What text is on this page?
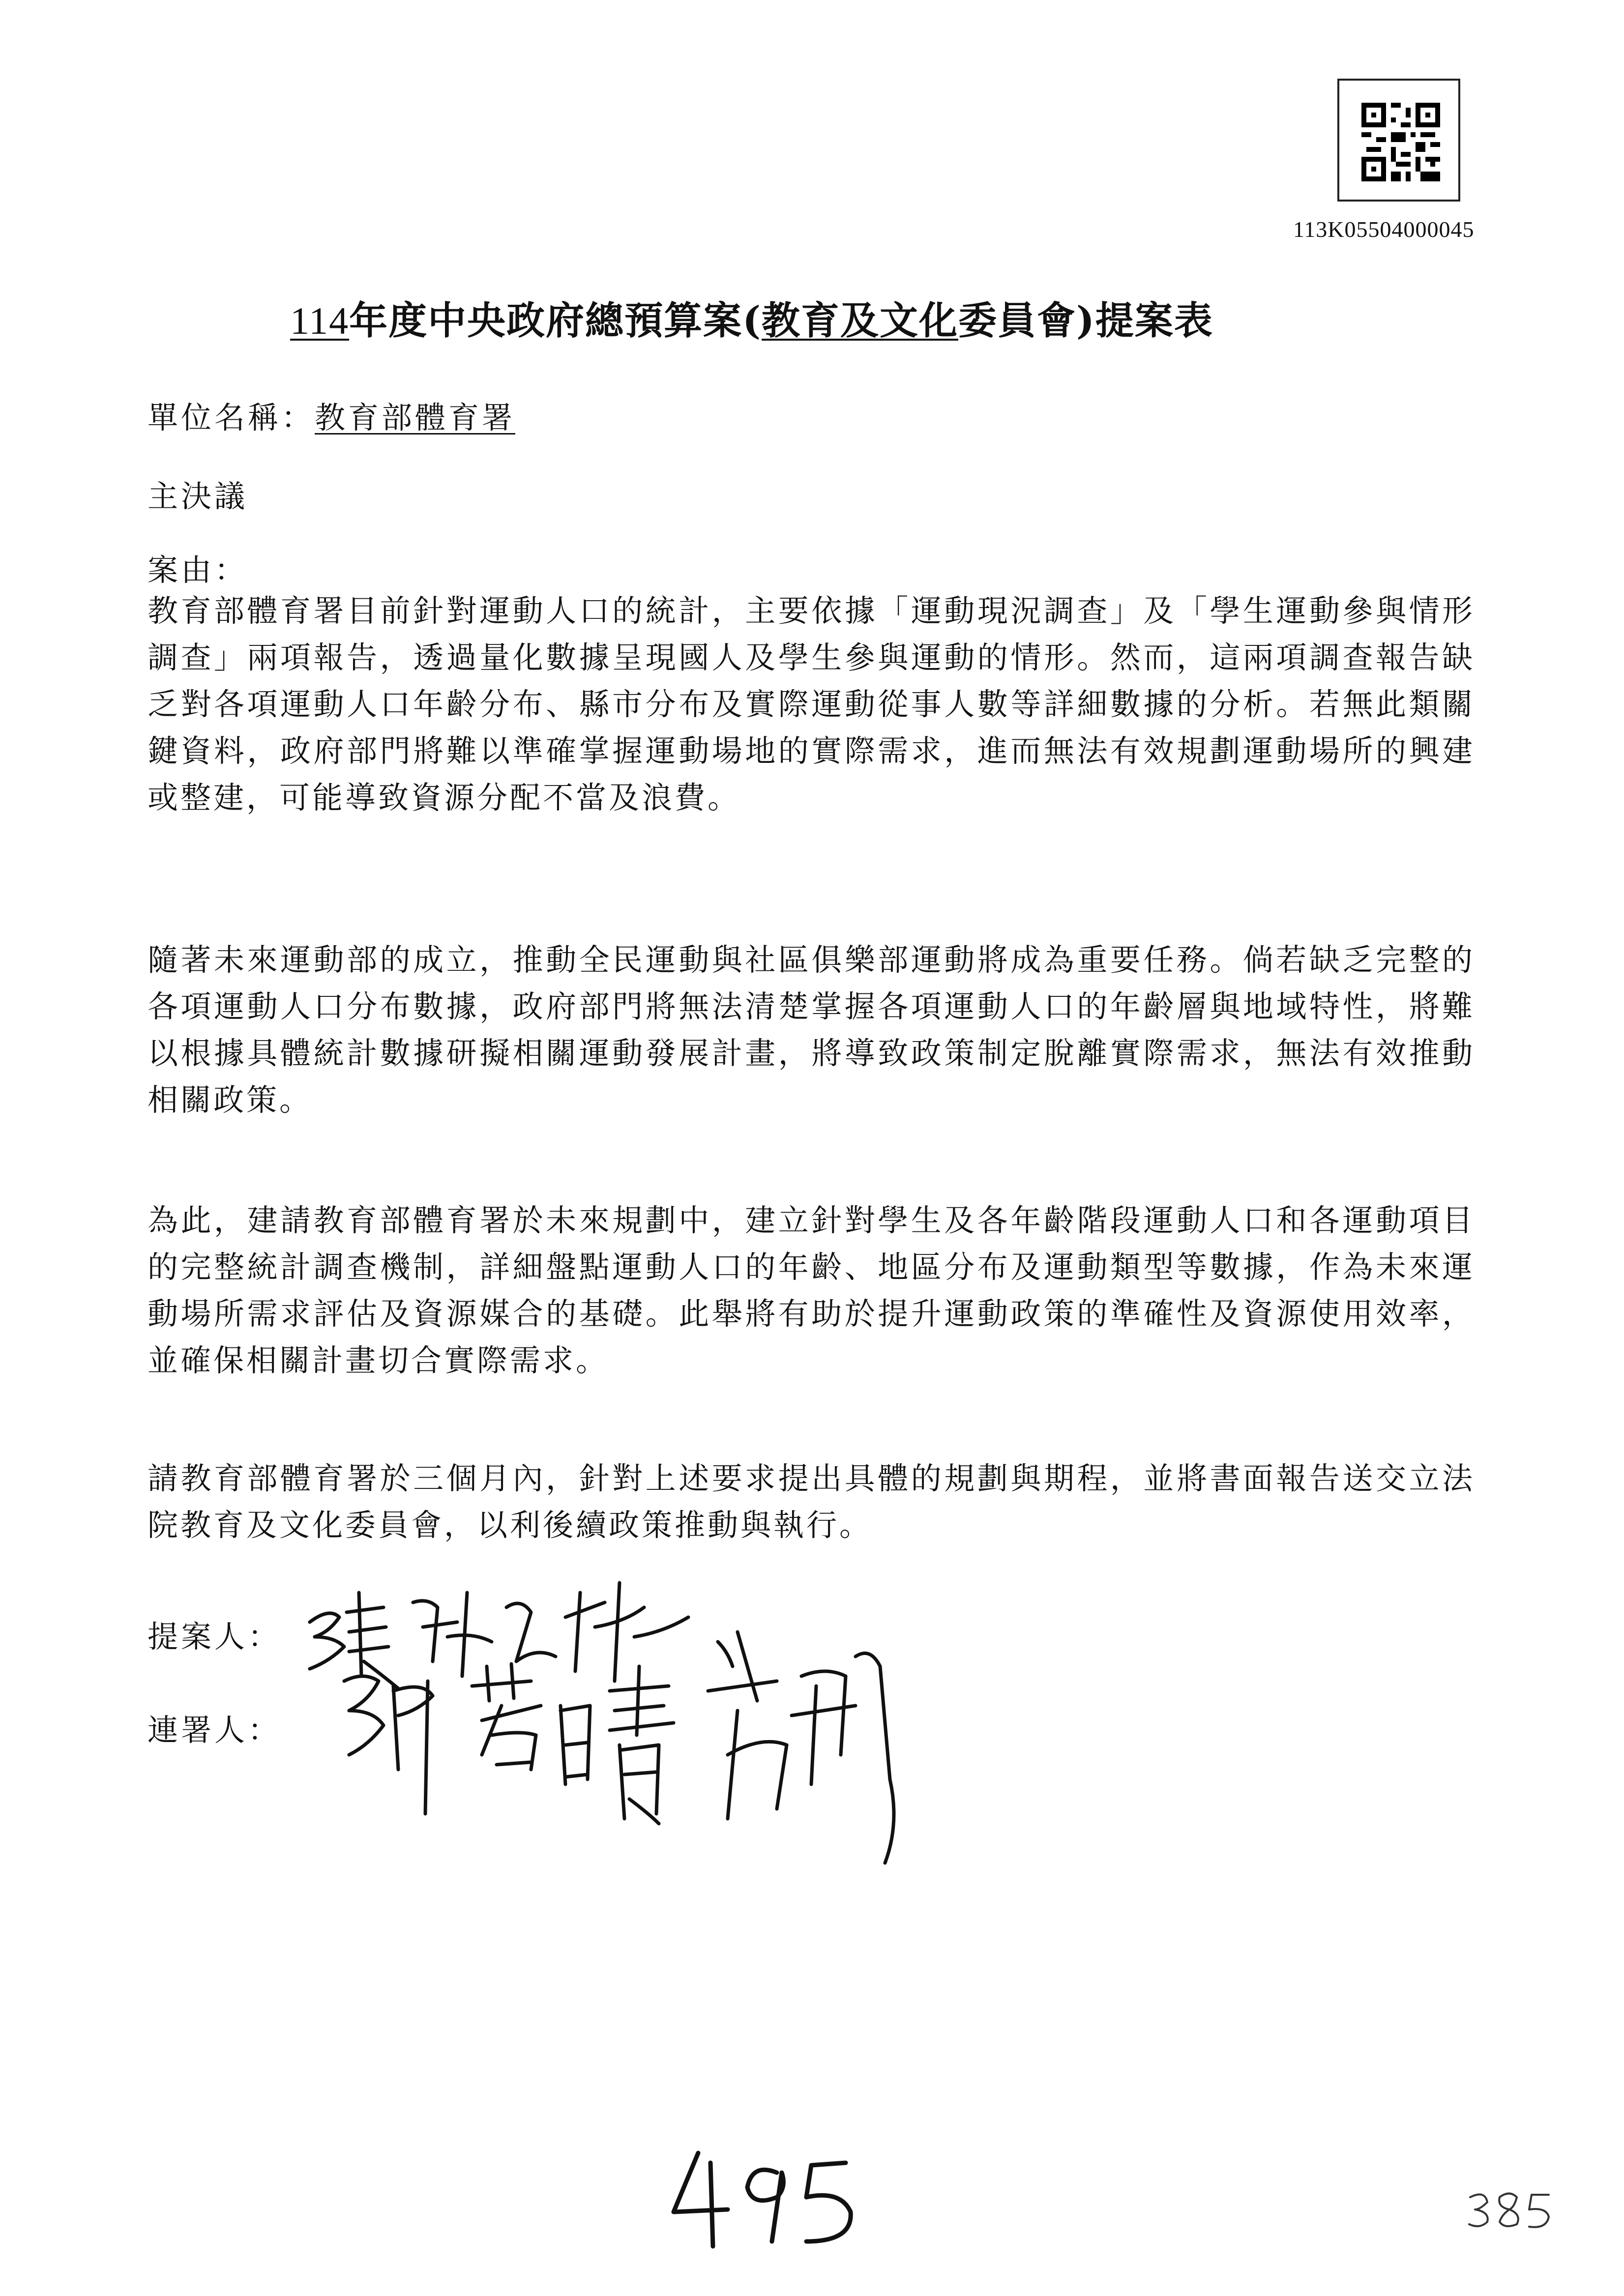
113K05504000045
114年度中央政府總預算案(教育及文化委員會)提案表
單位名稱：教育部體育署
主決議
案由：

教育部體育署目前針對運動人口的統計，主要依據「運動現況調查」及「學生運動參與情形調查」兩項報告，透過量化數據呈現國人及學生參與運動的情形。然而，這兩項調查報告缺乏對各項運動人口年齡分布、縣市分布及實際運動從事人數等詳細數據的分析。若無此類關鍵資料，政府部門將難以準確掌握運動場地的實際需求，進而無法有效規劃運動場所的興建或整建，可能導致資源分配不當及浪費。

隨著未來運動部的成立，推動全民運動與社區俱樂部運動將成為重要任務。倘若缺乏完整的各項運動人口分布數據，政府部門將無法清楚掌握各項運動人口的年齡層與地域特性，將難以根據具體統計數據研擬相關運動發展計畫，將導致政策制定脫離實際需求，無法有效推動相關政策。

為此，建請教育部體育署於未來規劃中，建立針對學生及各年齡階段運動人口和各運動項目的完整統計調查機制，詳細盤點運動人口的年齡、地區分布及運動類型等數據，作為未來運動場所需求評估及資源媒合的基礎。此舉將有助於提升運動政策的準確性及資源使用效率，並確保相關計畫切合實際需求。

請教育部體育署於三個月內，針對上述要求提出具體的規劃與期程，並將書面報告送交立法院教育及文化委員會，以利後續政策推動與執行。

提案人：
連署人：
